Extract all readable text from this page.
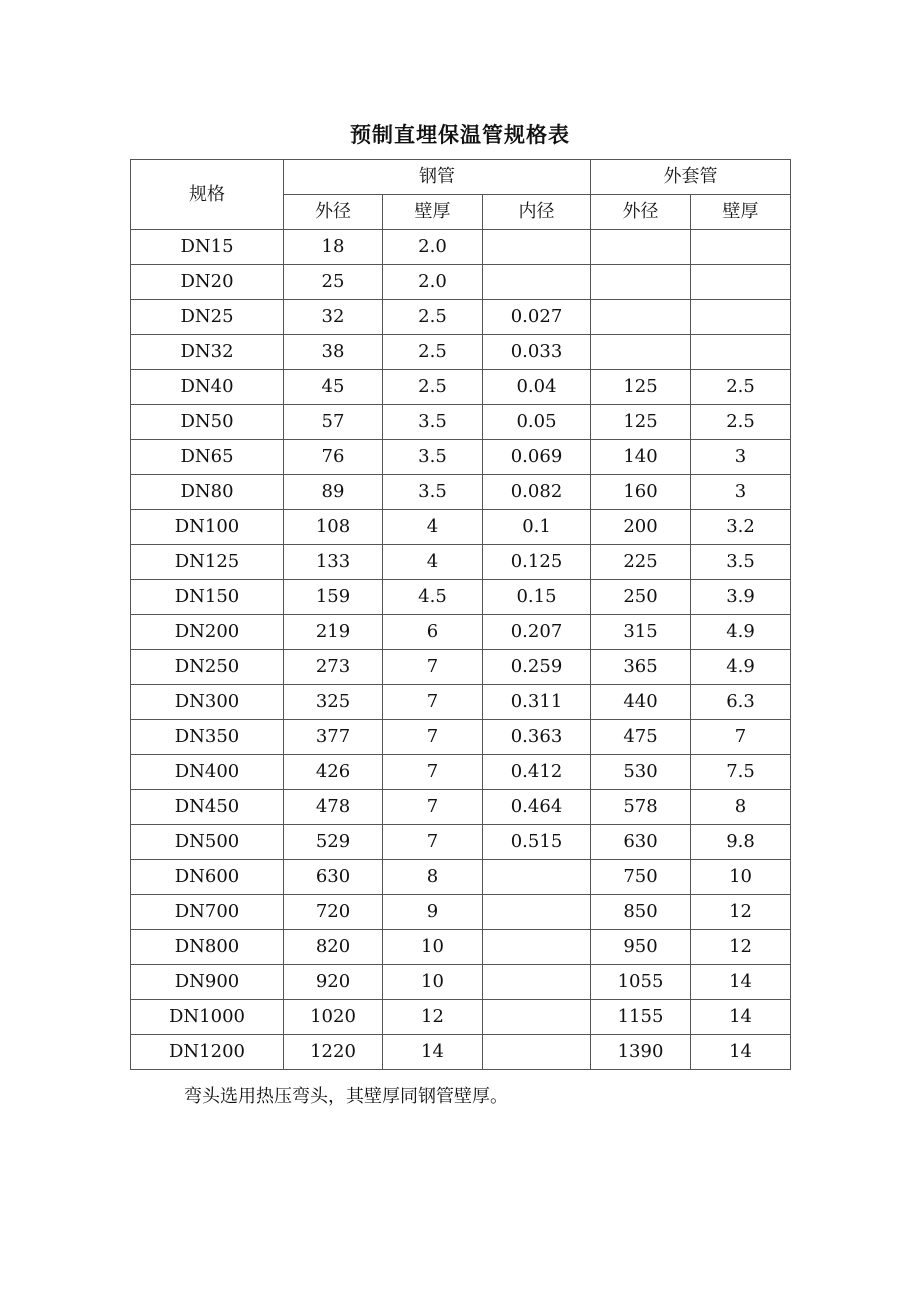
预制直埋保温管规格表
规格	钢管			外套管	
	外径	壁厚	内径	外径	壁厚
DN15	18	2.0			
DN20	25	2.0			
DN25	32	2.5	0.027		
DN32	38	2.5	0.033		
DN40	45	2.5	0.04	125	2.5
DN50	57	3.5	0.05	125	2.5
DN65	76	3.5	0.069	140	3
DN80	89	3.5	0.082	160	3
DN100	108	4	0.1	200	3.2
DN125	133	4	0.125	225	3.5
DN150	159	4.5	0.15	250	3.9
DN200	219	6	0.207	315	4.9
DN250	273	7	0.259	365	4.9
DN300	325	7	0.311	440	6.3
DN350	377	7	0.363	475	7
DN400	426	7	0.412	530	7.5
DN450	478	7	0.464	578	8
DN500	529	7	0.515	630	9.8
DN600	630	8		750	10
DN700	720	9		850	12
DN800	820	10		950	12
DN900	920	10		1055	14
DN1000	1020	12		1155	14
DN1200	1220	14		1390	14
弯头选用热压弯头，其壁厚同钢管壁厚。
